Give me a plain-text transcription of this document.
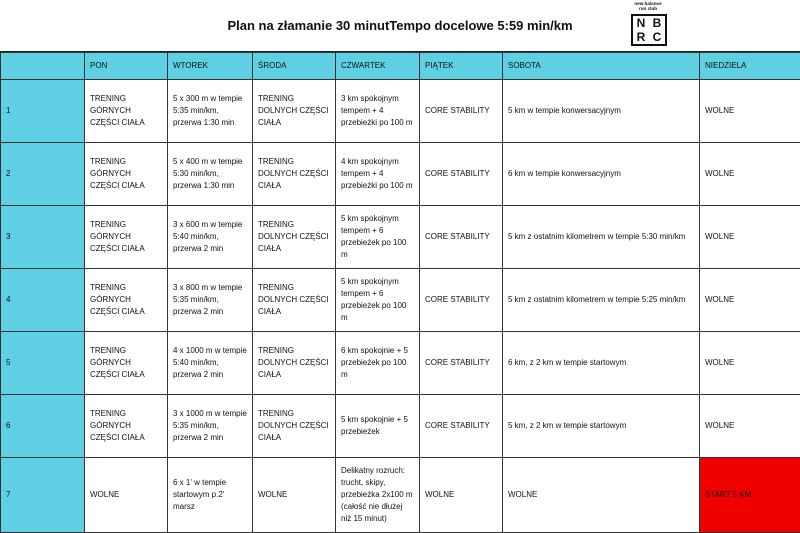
Plan na złamanie 30 minutTempo docelowe 5:59 min/km
new balance
run club
N B
R C
	PON	WTOREK	ŚRODA	CZWARTEK	PIĄTEK	SOBOTA	NIEDZIELA
1	TRENING GÓRNYCH CZĘŚCI CIAŁA	5 x 300 m w tempie 5:35 min/km, przerwa 1:30 min	TRENING DOLNYCH CZĘŚCI CIAŁA	3 km spokojnym tempem + 4 przebieżki po 100 m	CORE STABILITY	5 km w tempie konwersacyjnym	WOLNE
2	TRENING GÓRNYCH CZĘŚCI CIAŁA	5 x 400 m w tempie 5:30 min/km, przerwa 1:30 min	TRENING DOLNYCH CZĘŚCI CIAŁA	4 km spokojnym tempem + 4 przebieżki po 100 m	CORE STABILITY	6 km w tempie konwersacyjnym	WOLNE
3	TRENING GÓRNYCH CZĘŚCI CIAŁA	3 x 600 m w tempie 5:40 min/km, przerwa 2 min	TRENING DOLNYCH CZĘŚCI CIAŁA	5 km spokojnym tempem + 6 przebieżek po 100 m	CORE STABILITY	5 km z ostatnim kilometrem w tempie 5:30 min/km	WOLNE
4	TRENING GÓRNYCH CZĘŚCI CIAŁA	3 x 800 m w tempie 5:35 min/km, przerwa 2 min	TRENING DOLNYCH CZĘŚCI CIAŁA	5 km spokojnym tempem + 6 przebieżek po 100 m	CORE STABILITY	5 km z ostatnim kilometrem w tempie 5:25 min/km	WOLNE
5	TRENING GÓRNYCH CZĘŚCI CIAŁA	4 x 1000 m w tempie 5:40 min/km, przerwa 2 min	TRENING DOLNYCH CZĘŚCI CIAŁA	6 km spokojnie + 5 przebieżek po 100 m	CORE STABILITY	6 km, z 2 km w tempie startowym	WOLNE
6	TRENING GÓRNYCH CZĘŚCI CIAŁA	3 x 1000 m w tempie 5:35 min/km, przerwa 2 min	TRENING DOLNYCH CZĘŚCI CIAŁA	5 km spokojnie + 5 przebieżek	CORE STABILITY	5 km, z 2 km w tempie startowym	WOLNE
7	WOLNE	6 x 1' w tempie startowym p.2' marsz	WOLNE	Delikatny rozruch: trucht, skipy, przebieżka 2x100 m (całość nie dłużej niż 15 minut)	WOLNE	WOLNE	START 5 KM
